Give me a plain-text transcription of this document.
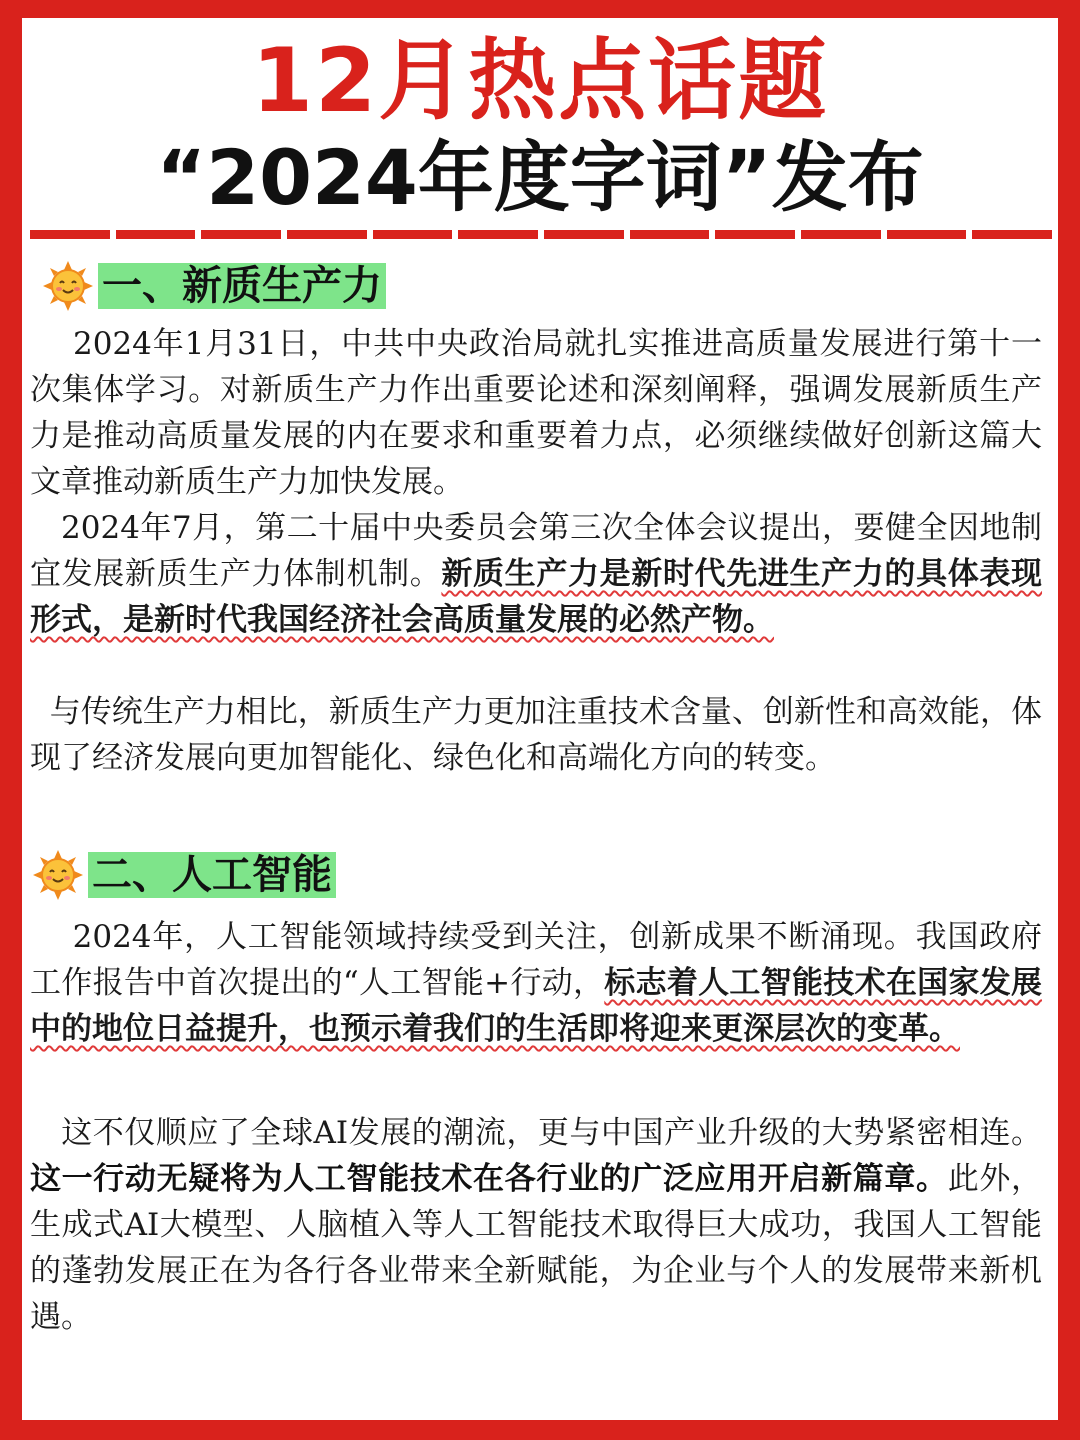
12月热点话题
“2024年度字词”发布
一、新质生产力

2024年1月31日，中共中央政治局就扎实推进高质量发展进行第十一次集体学习。对新质生产力作出重要论述和深刻阐释，强调发展新质生产力是推动高质量发展的内在要求和重要着力点，必须继续做好创新这篇大文章推动新质生产力加快发展。

2024年7月，第二十届中央委员会第三次全体会议提出，要健全因地制宜发展新质生产力体制机制。新质生产力是新时代先进生产力的具体表现形式，是新时代我国经济社会高质量发展的必然产物。

与传统生产力相比，新质生产力更加注重技术含量、创新性和高效能，体现了经济发展向更加智能化、绿色化和高端化方向的转变。

二、人工智能

2024年，人工智能领域持续受到关注，创新成果不断涌现。我国政府工作报告中首次提出的“人工智能+行动，标志着人工智能技术在国家发展中的地位日益提升，也预示着我们的生活即将迎来更深层次的变革。

这不仅顺应了全球AI发展的潮流，更与中国产业升级的大势紧密相连。这一行动无疑将为人工智能技术在各行业的广泛应用开启新篇章。此外，生成式AI大模型、人脑植入等人工智能技术取得巨大成功，我国人工智能的蓬勃发展正在为各行各业带来全新赋能，为企业与个人的发展带来新机遇。
